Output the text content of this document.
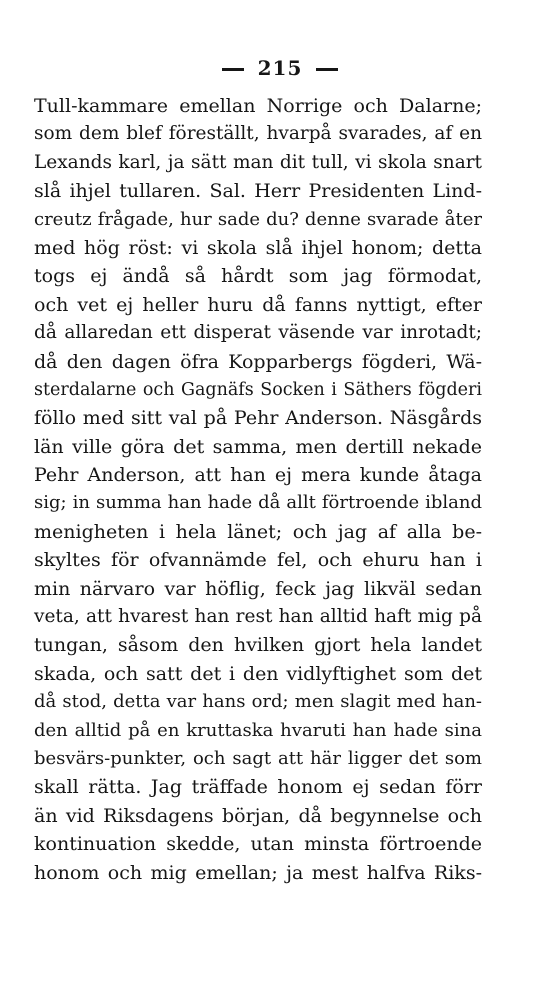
215
Tull-kammare emellan Norrige och Dalarne;
som dem blef föreställt, hvarpå svarades, af en
Lexands karl, ja sätt man dit tull, vi skola snart
slå ihjel tullaren. Sal. Herr Presidenten Lind-
creutz frågade, hur sade du? denne svarade åter
med hög röst: vi skola slå ihjel honom; detta
togs ej ändå så hårdt som jag förmodat,
och vet ej heller huru då fanns nyttigt, efter
då allaredan ett disperat väsende var inrotadt;
då den dagen öfra Kopparbergs fögderi, Wä-
sterdalarne och Gagnäfs Socken i Säthers fögderi
föllo med sitt val på Pehr Anderson. Näsgårds
län ville göra det samma, men dertill nekade
Pehr Anderson, att han ej mera kunde åtaga
sig; in summa han hade då allt förtroende ibland
menigheten i hela länet; och jag af alla be-
skyltes för ofvannämde fel, och ehuru han i
min närvaro var höflig, feck jag likväl sedan
veta, att hvarest han rest han alltid haft mig på
tungan, såsom den hvilken gjort hela landet
skada, och satt det i den vidlyftighet som det
då stod, detta var hans ord; men slagit med han-
den alltid på en kruttaska hvaruti han hade sina
besvärs-punkter, och sagt att här ligger det som
skall rätta. Jag träffade honom ej sedan förr
än vid Riksdagens början, då begynnelse och
kontinuation skedde, utan minsta förtroende
honom och mig emellan; ja mest halfva Riks-
